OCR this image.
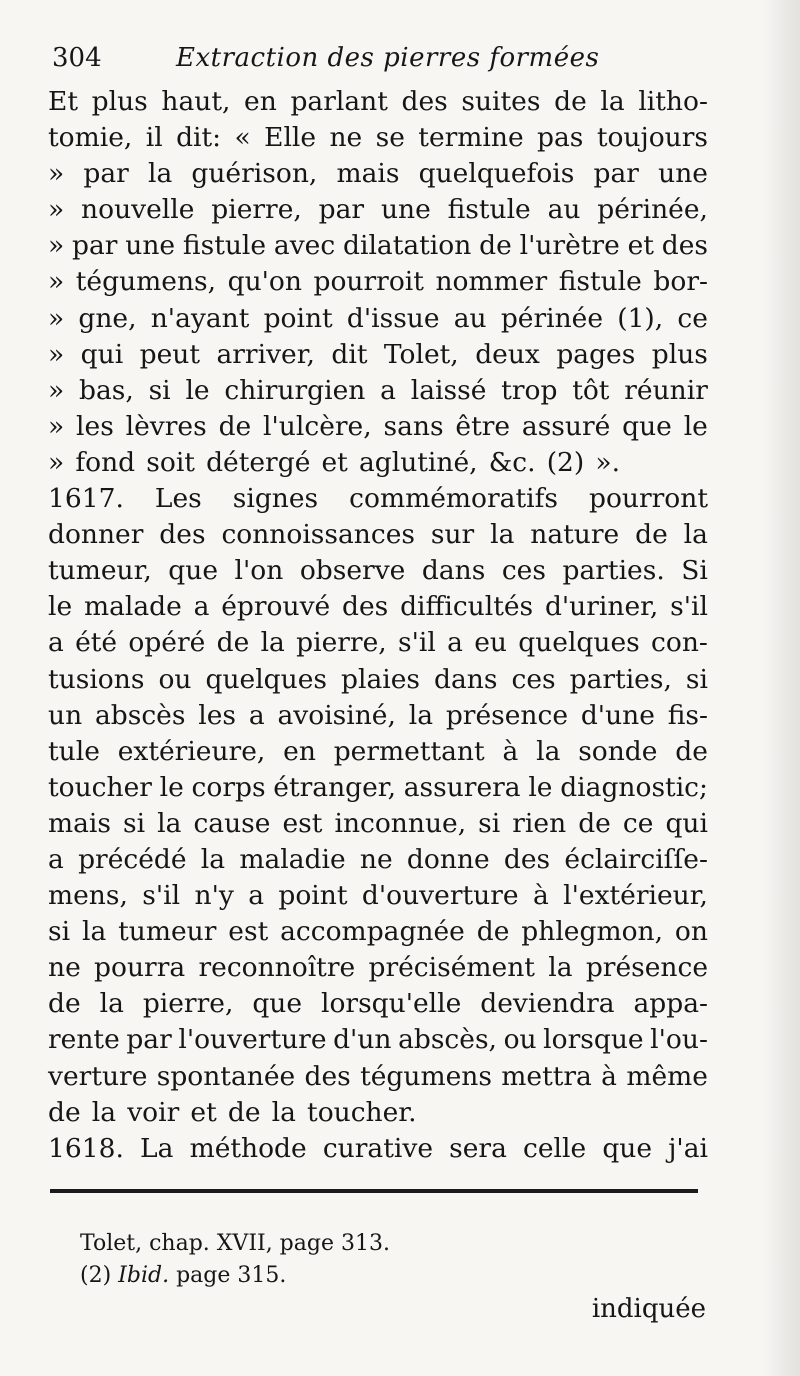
304	Extraction des pierres formées
Et plus haut, en parlant des suites de la litho-
tomie, il dit: « Elle ne se termine pas toujours
» par la guérison, mais quelquefois par une
» nouvelle pierre, par une fistule au périnée,
» par une fistule avec dilatation de l'urètre et des
» tégumens, qu'on pourroit nommer fistule bor-
» gne, n'ayant point d'issue au périnée (1), ce
» qui peut arriver, dit Tolet, deux pages plus
» bas, si le chirurgien a laissé trop tôt réunir
» les lèvres de l'ulcère, sans être assuré que le
» fond soit détergé et aglutiné, &c. (2) ».
1617. Les signes commémoratifs pourront
donner des connoissances sur la nature de la
tumeur, que l'on observe dans ces parties. Si
le malade a éprouvé des difficultés d'uriner, s'il
a été opéré de la pierre, s'il a eu quelques con-
tusions ou quelques plaies dans ces parties, si
un abscès les a avoisiné, la présence d'une fis-
tule extérieure, en permettant à la sonde de
toucher le corps étranger, assurera le diagnostic;
mais si la cause est inconnue, si rien de ce qui
a précédé la maladie ne donne des éclairciſſe-
mens, s'il n'y a point d'ouverture à l'extérieur,
si la tumeur est accompagnée de phlegmon, on
ne pourra reconnoître précisément la présence
de la pierre, que lorsqu'elle deviendra appa-
rente par l'ouverture d'un abscès, ou lorsque l'ou-
verture spontanée des tégumens mettra à même
de la voir et de la toucher.
1618. La méthode curative sera celle que j'ai
Tolet, chap. XVII, page 313.
(2) Ibid. page 315.
indiquée
